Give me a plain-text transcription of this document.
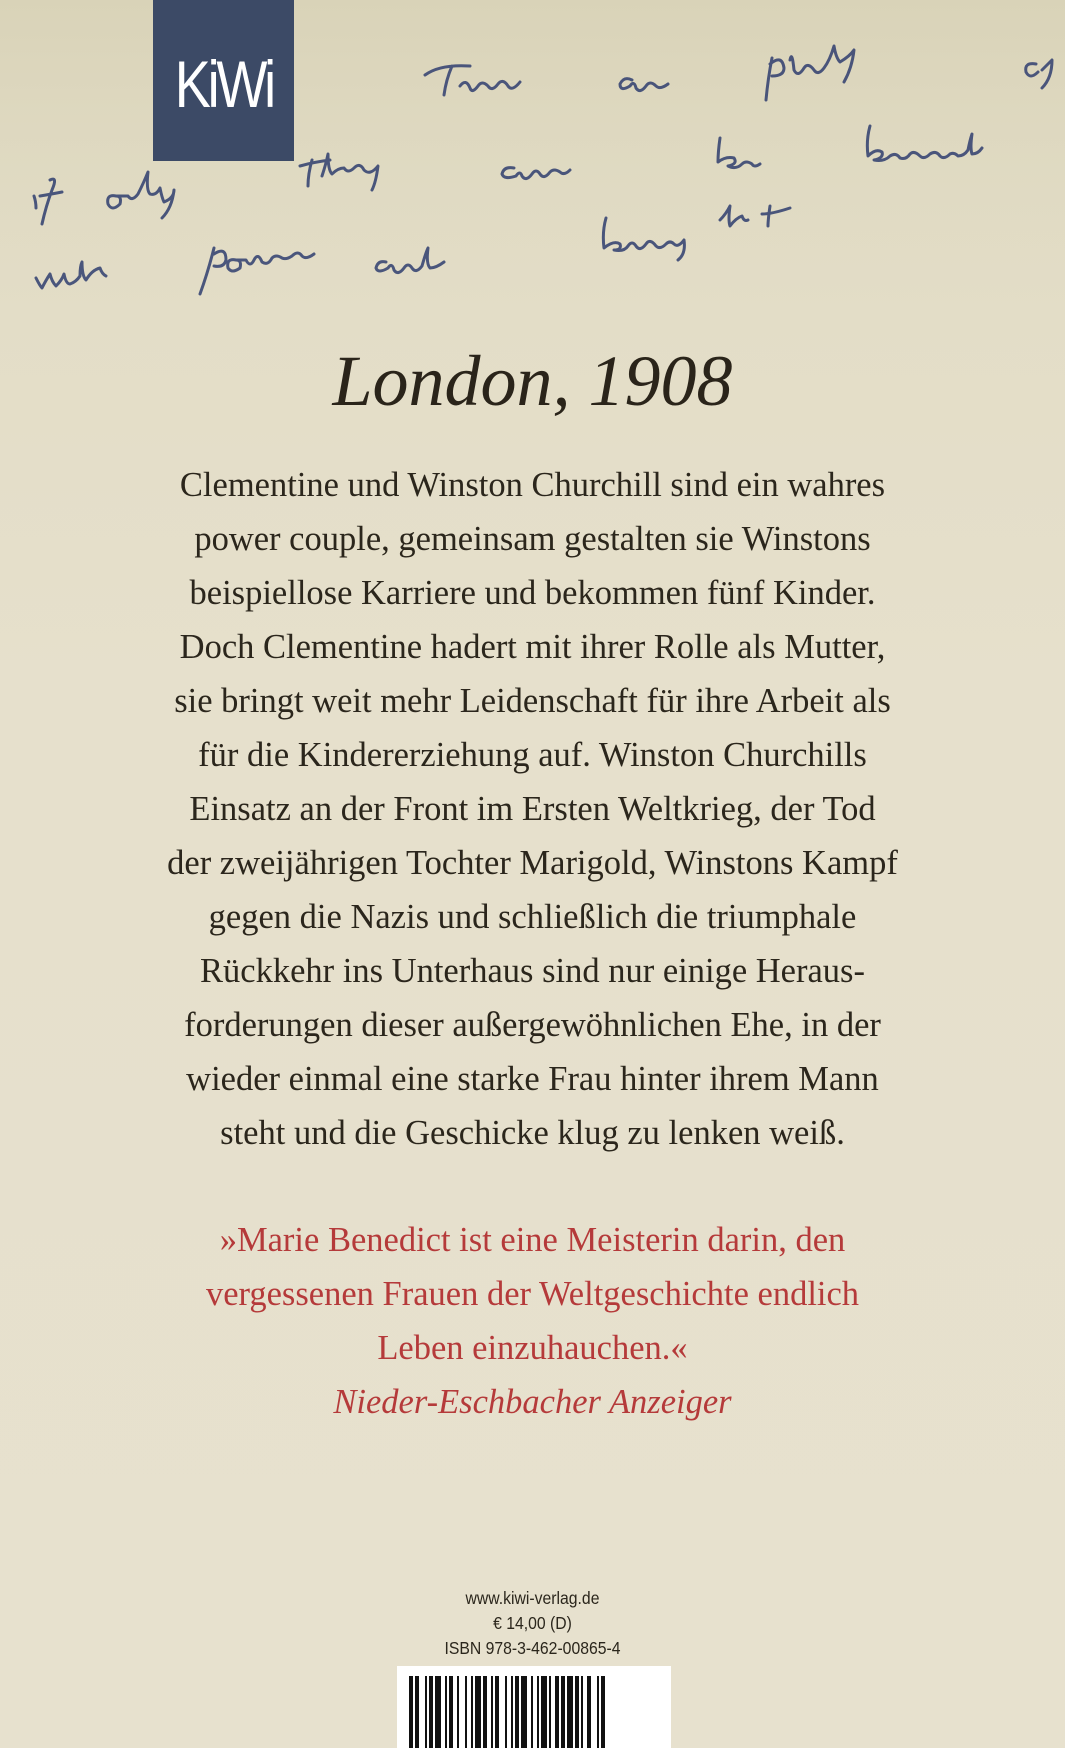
KiWi
London, 1908
Clementine und Winston Churchill sind ein wahres
power couple, gemeinsam gestalten sie Winstons
beispiellose Karriere und bekommen fünf Kinder.
Doch Clementine hadert mit ihrer Rolle als Mutter,
sie bringt weit mehr Leidenschaft für ihre Arbeit als
für die Kindererziehung auf. Winston Churchills
Einsatz an der Front im Ersten Weltkrieg, der Tod
der zweijährigen Tochter Marigold, Winstons Kampf
gegen die Nazis und schließlich die triumphale
Rückkehr ins Unterhaus sind nur einige Heraus-
forderungen dieser außergewöhnlichen Ehe, in der
wieder einmal eine starke Frau hinter ihrem Mann
steht und die Geschicke klug zu lenken weiß.
»Marie Benedict ist eine Meisterin darin, den
vergessenen Frauen der Weltgeschichte endlich
Leben einzuhauchen.«
Nieder-Eschbacher Anzeiger
www.kiwi-verlag.de
€ 14,00 (D)
ISBN 978-3-462-00865-4
